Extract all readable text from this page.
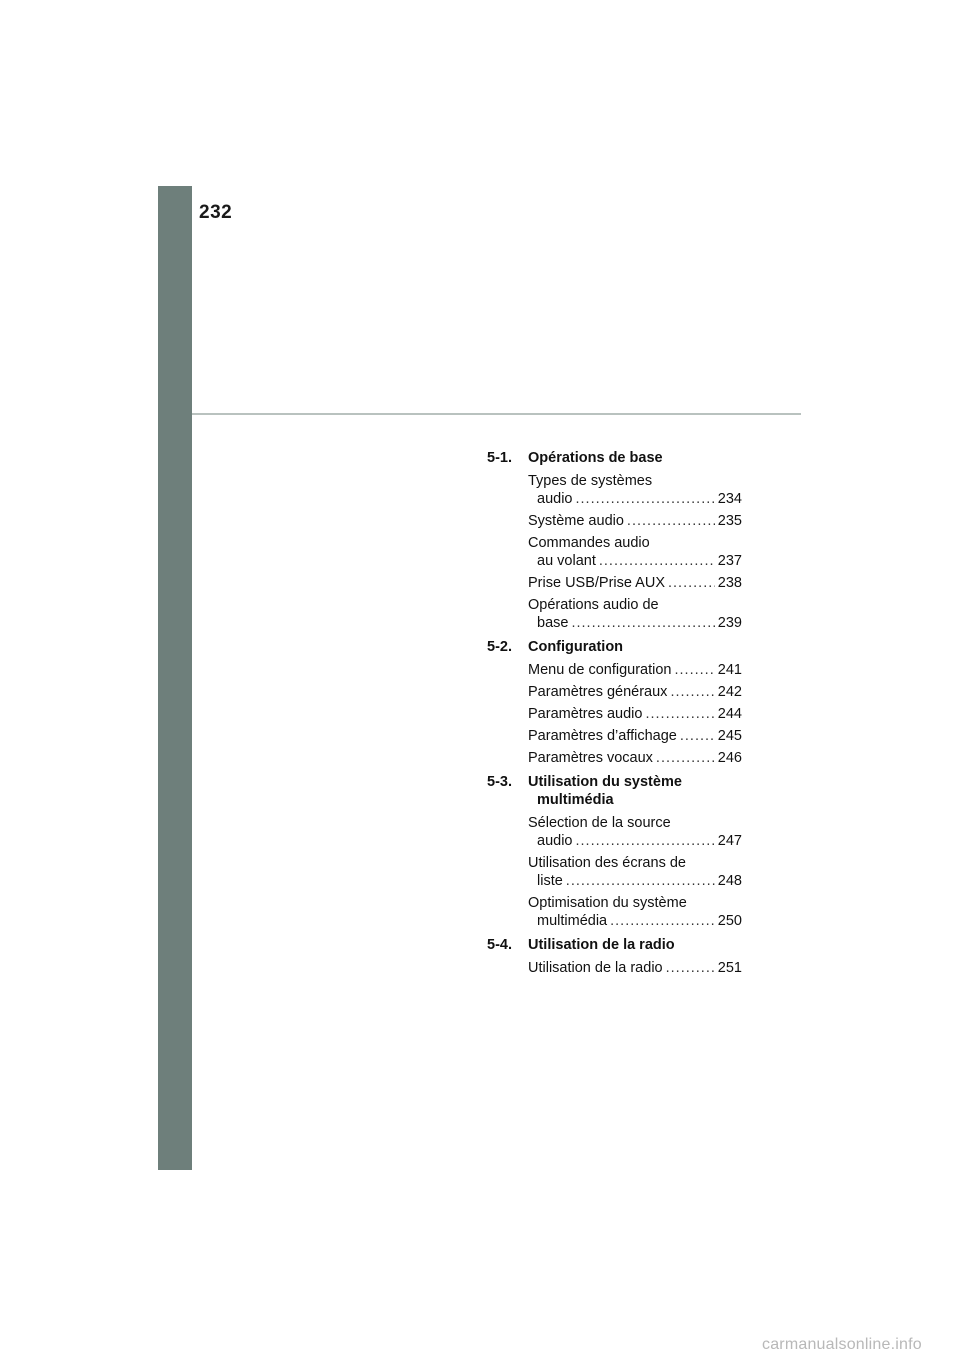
232
5-1.	Opérations de base
Types de systèmes
audio .....	234
Système audio .....	235
Commandes audio
au volant .....	237
Prise USB/Prise AUX .....	238
Opérations audio de
base .....	239
5-2.	Configuration
Menu de configuration .....	241
Paramètres généraux .....	242
Paramètres audio .....	244
Paramètres d’affichage .....	245
Paramètres vocaux .....	246
5-3.	Utilisation du système
multimédia
Sélection de la source
audio .....	247
Utilisation des écrans de
liste .....	248
Optimisation du système
multimédia .....	250
5-4.	Utilisation de la radio
Utilisation de la radio .....	251
carmanualsonline.info
